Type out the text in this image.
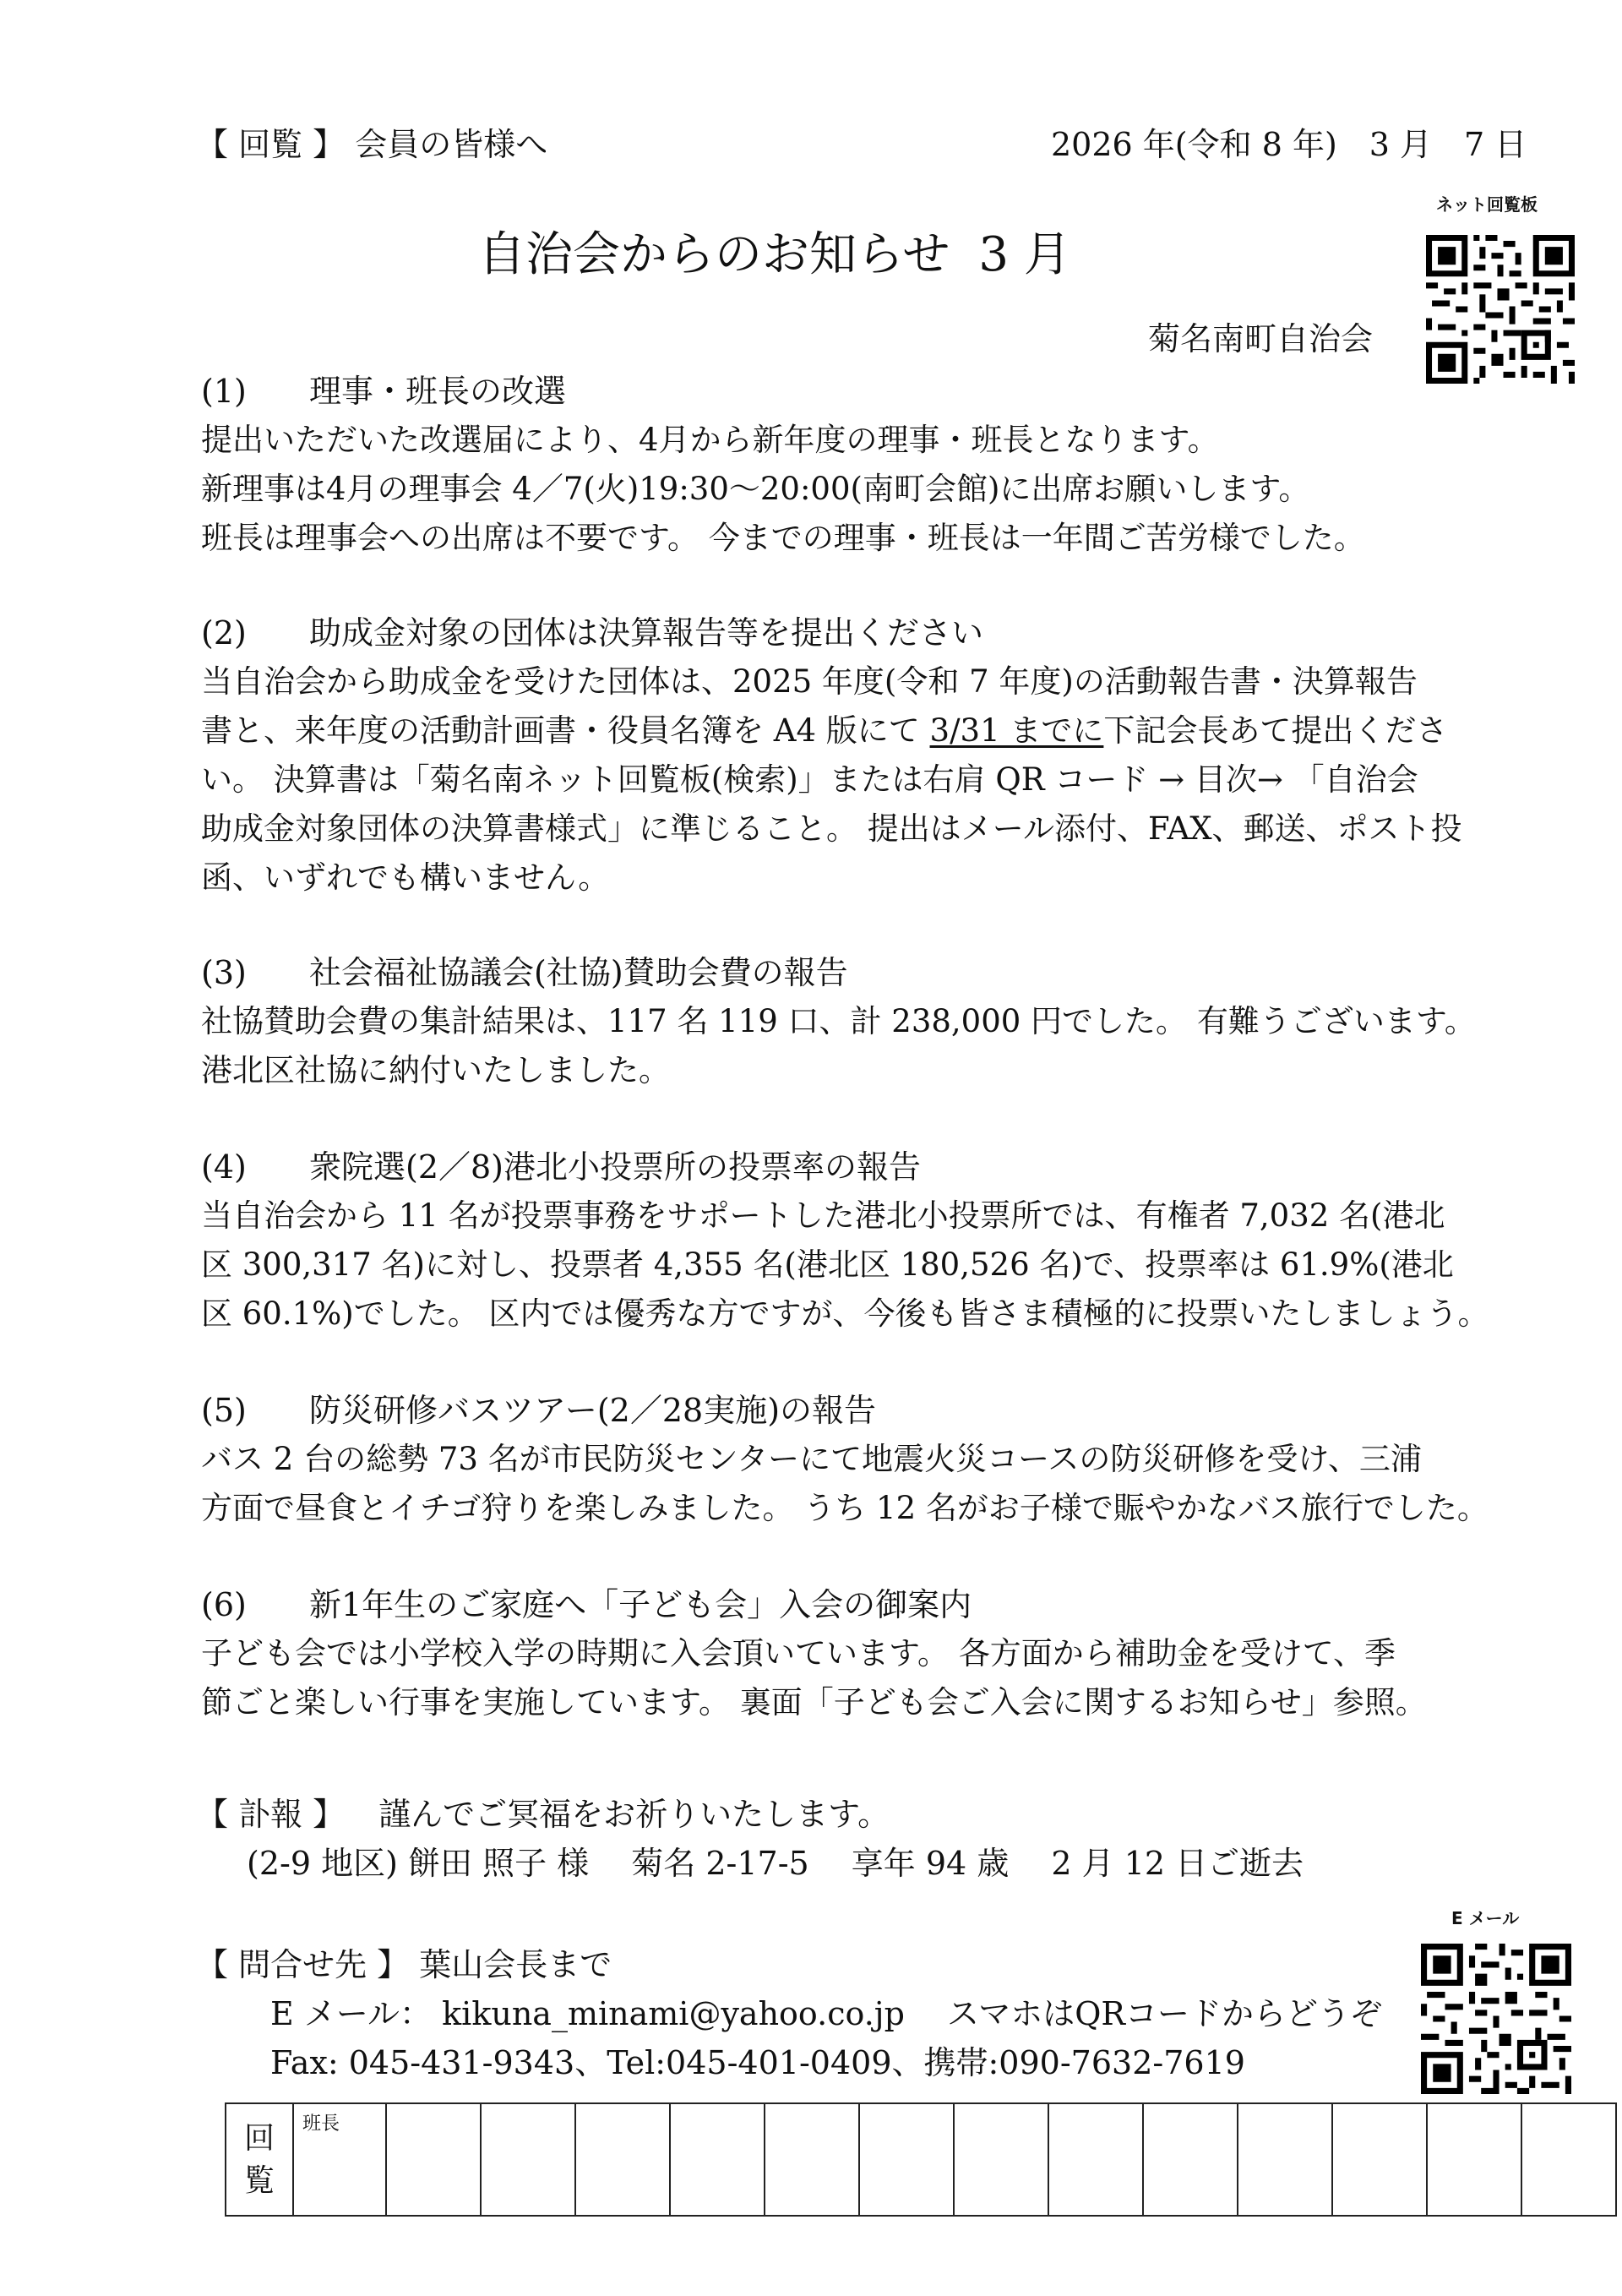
【 回覧 】 会員の皆様へ	2026 年(令和 8 年)　3 月　7 日
ネット回覧板
自治会からのお知らせ 3 月
菊名南町自治会
(1) 理事・班長の改選
提出いただいた改選届により、4月から新年度の理事・班長となります。
新理事は4月の理事会 4／7(火)19:30〜20:00(南町会館)に出席お願いします。
班長は理事会への出席は不要です。 今までの理事・班長は一年間ご苦労様でした。
(2) 助成金対象の団体は決算報告等を提出ください
当自治会から助成金を受けた団体は、2025 年度(令和 7 年度)の活動報告書・決算報告
書と、来年度の活動計画書・役員名簿を A4 版にて 3/31 までに下記会長あて提出くださ
い。 決算書は「菊名南ネット回覧板(検索)」または右肩 QR コード → 目次→ 「自治会
助成金対象団体の決算書様式」に準じること。 提出はメール添付、FAX、郵送、ポスト投
函、いずれでも構いません。
(3) 社会福祉協議会(社協)賛助会費の報告
社協賛助会費の集計結果は、117 名 119 口、計 238,000 円でした。 有難うございます。
港北区社協に納付いたしました。
(4) 衆院選(2／8)港北小投票所の投票率の報告
当自治会から 11 名が投票事務をサポートした港北小投票所では、有権者 7,032 名(港北
区 300,317 名)に対し、投票者 4,355 名(港北区 180,526 名)で、投票率は 61.9%(港北
区 60.1%)でした。 区内では優秀な方ですが、今後も皆さま積極的に投票いたしましょう。
(5) 防災研修バスツアー(2／28実施)の報告
バス 2 台の総勢 73 名が市民防災センターにて地震火災コースの防災研修を受け、三浦
方面で昼食とイチゴ狩りを楽しみました。 うち 12 名がお子様で賑やかなバス旅行でした。
(6) 新1年生のご家庭へ「子ども会」入会の御案内
子ども会では小学校入学の時期に入会頂いています。 各方面から補助金を受けて、季
節ごと楽しい行事を実施しています。 裏面「子ども会ご入会に関するお知らせ」参照。
【 訃報 】 謹んでご冥福をお祈りいたします。
(2-9 地区) 餅田 照子 様　 菊名 2-17-5　 享年 94 歳　 2 月 12 日ご逝去
E メール
【 問合せ先 】 葉山会長まで
E メール： kikuna_minami@yahoo.co.jp　 スマホはQRコードからどうぞ
Fax: 045-431-9343、Tel:045-401-0409、携帯:090-7632-7619
回
覧
	班長													
